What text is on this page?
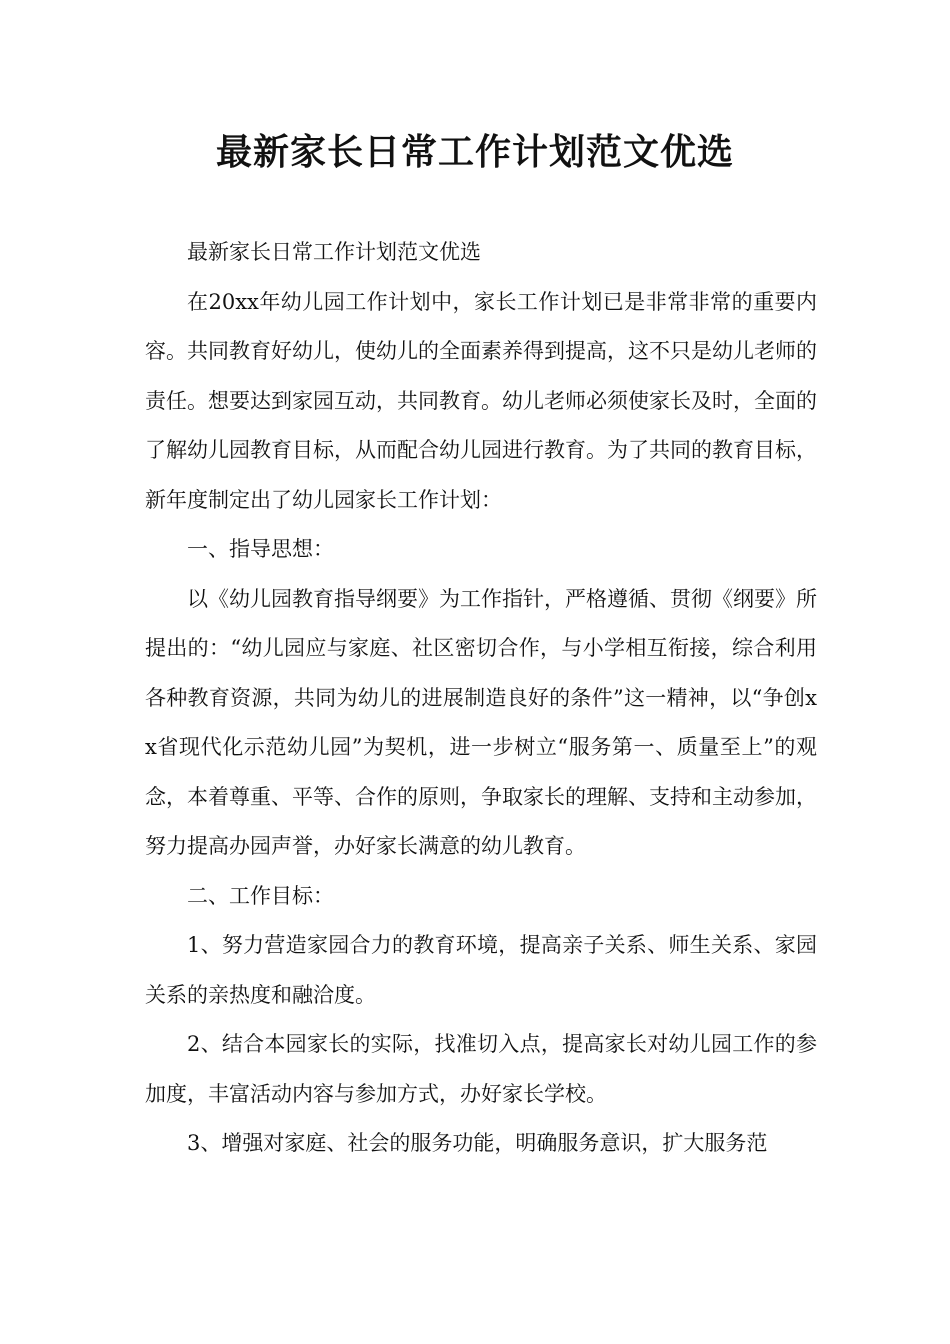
最新家长日常工作计划范文优选

最新家长日常工作计划范文优选

在20xx年幼儿园工作计划中，家长工作计划已是非常非常的重要内容。共同教育好幼儿，使幼儿的全面素养得到提高，这不只是幼儿老师的责任。想要达到家园互动，共同教育。幼儿老师必须使家长及时，全面的了解幼儿园教育目标，从而配合幼儿园进行教育。为了共同的教育目标，新年度制定出了幼儿园家长工作计划：

一、指导思想：

以《幼儿园教育指导纲要》为工作指针，严格遵循、贯彻《纲要》所提出的：“幼儿园应与家庭、社区密切合作，与小学相互衔接，综合利用各种教育资源，共同为幼儿的进展制造良好的条件”这一精神，以“争创xx省现代化示范幼儿园”为契机，进一步树立“服务第一、质量至上”的观念，本着尊重、平等、合作的原则，争取家长的理解、支持和主动参加，努力提高办园声誉，办好家长满意的幼儿教育。

二、工作目标：

1、努力营造家园合力的教育环境，提高亲子关系、师生关系、家园关系的亲热度和融洽度。

2、结合本园家长的实际，找准切入点，提高家长对幼儿园工作的参加度，丰富活动内容与参加方式，办好家长学校。

3、增强对家庭、社会的服务功能，明确服务意识，扩大服务范
